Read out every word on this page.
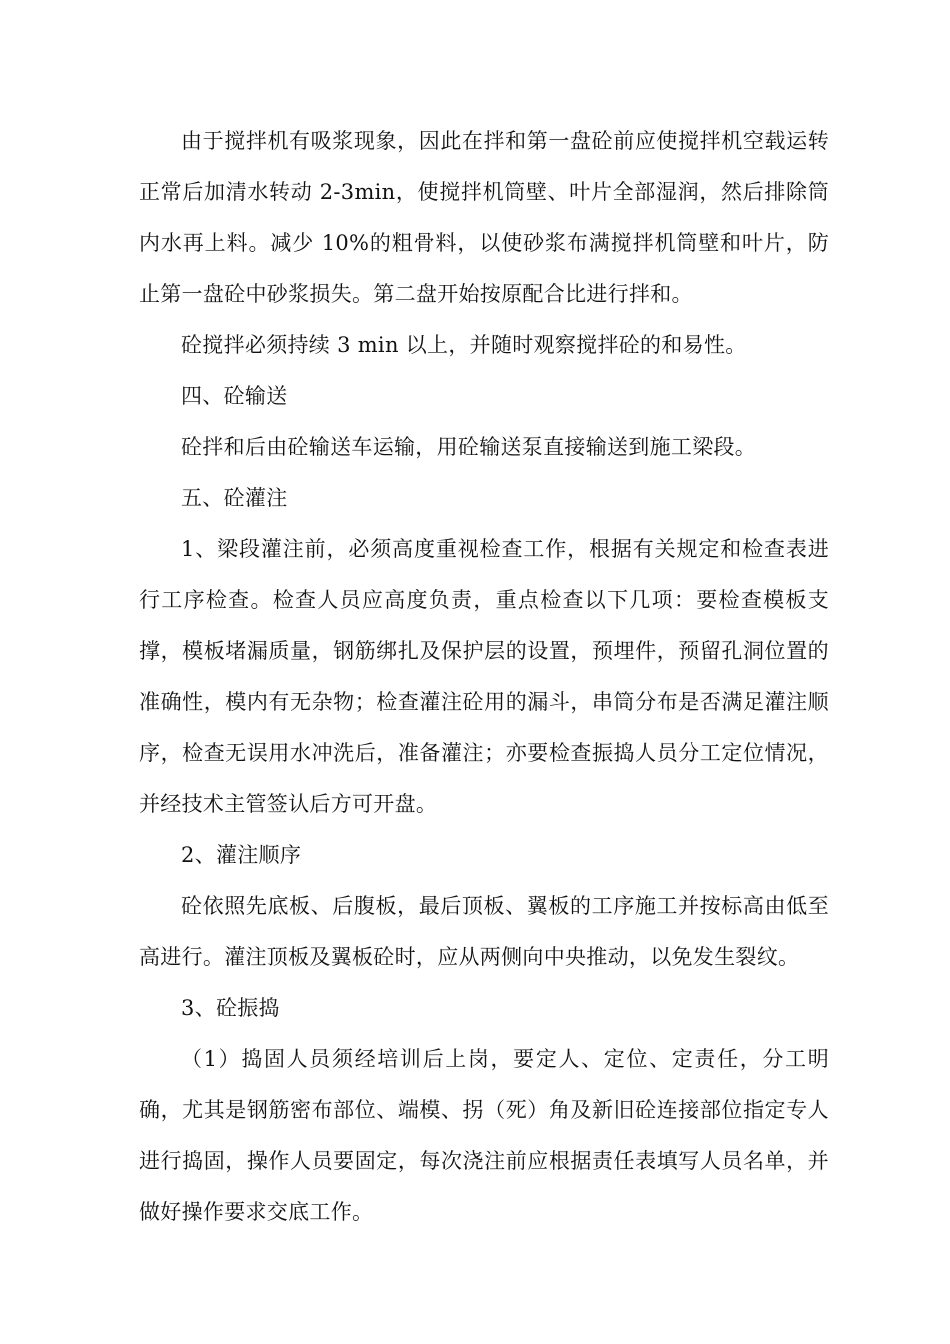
由于搅拌机有吸浆现象，因此在拌和第一盘砼前应使搅拌机空载运转正常后加清水转动 2-3min，使搅拌机筒壁、叶片全部湿润，然后排除筒内水再上料。减少 10%的粗骨料，以使砂浆布满搅拌机筒壁和叶片，防止第一盘砼中砂浆损失。第二盘开始按原配合比进行拌和。

砼搅拌必须持续 3 min 以上，并随时观察搅拌砼的和易性。

四、砼输送

砼拌和后由砼输送车运输，用砼输送泵直接输送到施工梁段。

五、砼灌注

1、梁段灌注前，必须高度重视检查工作，根据有关规定和检查表进行工序检查。检查人员应高度负责，重点检查以下几项：要检查模板支撑，模板堵漏质量，钢筋绑扎及保护层的设置，预埋件，预留孔洞位置的准确性，模内有无杂物；检查灌注砼用的漏斗，串筒分布是否满足灌注顺序，检查无误用水冲洗后，准备灌注；亦要检查振捣人员分工定位情况，并经技术主管签认后方可开盘。

2、灌注顺序

砼依照先底板、后腹板，最后顶板、翼板的工序施工并按标高由低至高进行。灌注顶板及翼板砼时，应从两侧向中央推动，以免发生裂纹。

3、砼振捣

（1）捣固人员须经培训后上岗，要定人、定位、定责任，分工明确，尤其是钢筋密布部位、端模、拐（死）角及新旧砼连接部位指定专人进行捣固，操作人员要固定，每次浇注前应根据责任表填写人员名单，并做好操作要求交底工作。
